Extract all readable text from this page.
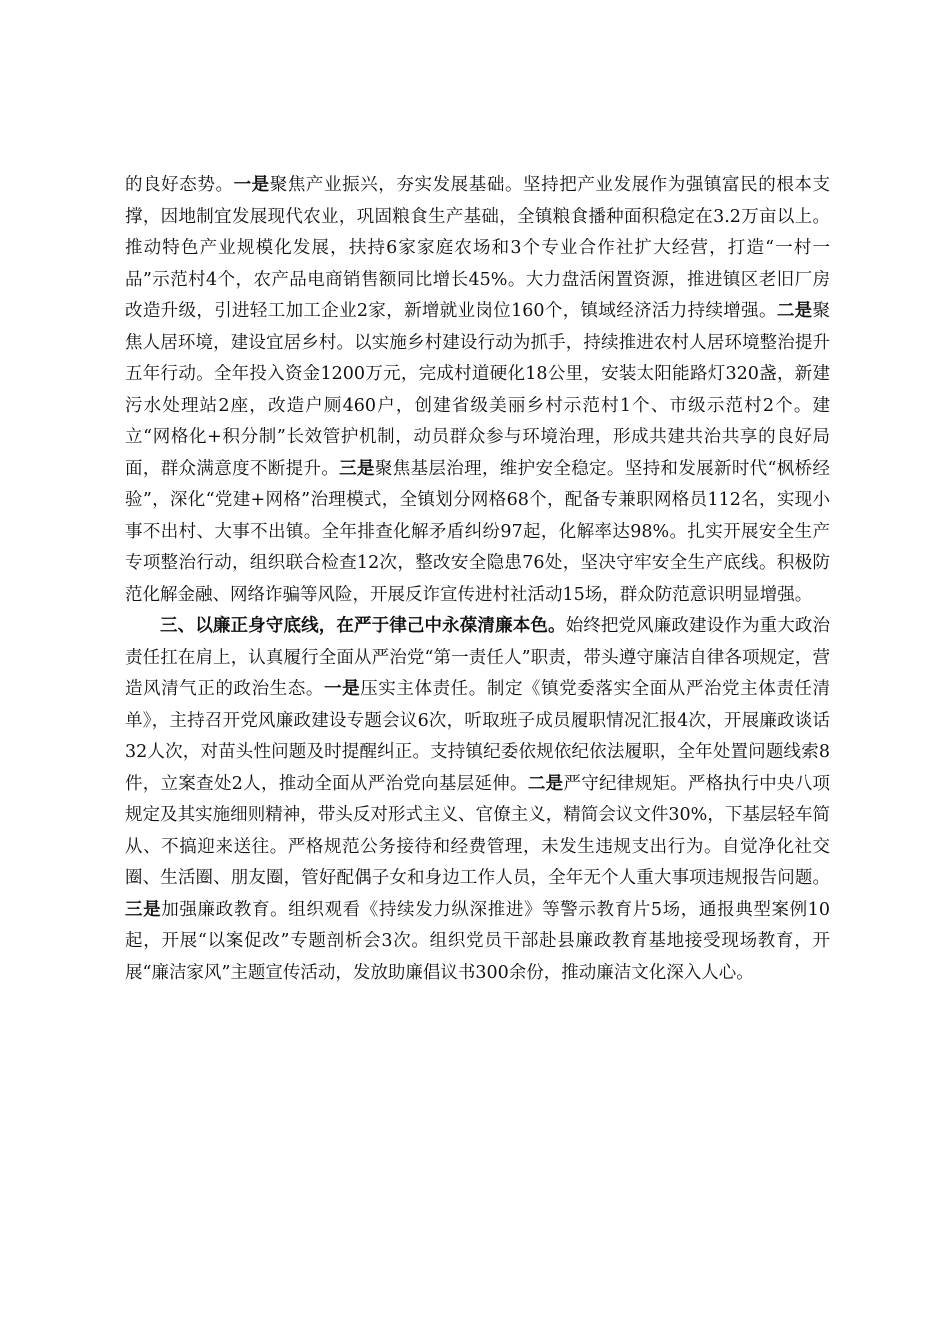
的良好态势。一是聚焦产业振兴，夯实发展基础。坚持把产业发展作为强镇富民的根本支撑，因地制宜发展现代农业，巩固粮食生产基础，全镇粮食播种面积稳定在3.2万亩以上。推动特色产业规模化发展，扶持6家家庭农场和3个专业合作社扩大经营，打造“一村一品”示范村4个，农产品电商销售额同比增长45%。大力盘活闲置资源，推进镇区老旧厂房改造升级，引进轻工加工企业2家，新增就业岗位160个，镇域经济活力持续增强。二是聚焦人居环境，建设宜居乡村。以实施乡村建设行动为抓手，持续推进农村人居环境整治提升五年行动。全年投入资金1200万元，完成村道硬化18公里，安装太阳能路灯320盏，新建污水处理站2座，改造户厕460户，创建省级美丽乡村示范村1个、市级示范村2个。建立“网格化+积分制”长效管护机制，动员群众参与环境治理，形成共建共治共享的良好局面，群众满意度不断提升。三是聚焦基层治理，维护安全稳定。坚持和发展新时代“枫桥经验”，深化“党建+网格”治理模式，全镇划分网格68个，配备专兼职网格员112名，实现小事不出村、大事不出镇。全年排查化解矛盾纠纷97起，化解率达98%。扎实开展安全生产专项整治行动，组织联合检查12次，整改安全隐患76处，坚决守牢安全生产底线。积极防范化解金融、网络诈骗等风险，开展反诈宣传进村社活动15场，群众防范意识明显增强。

三、以廉正身守底线，在严于律己中永葆清廉本色。始终把党风廉政建设作为重大政治责任扛在肩上，认真履行全面从严治党“第一责任人”职责，带头遵守廉洁自律各项规定，营造风清气正的政治生态。一是压实主体责任。制定《镇党委落实全面从严治党主体责任清单》，主持召开党风廉政建设专题会议6次，听取班子成员履职情况汇报4次，开展廉政谈话32人次，对苗头性问题及时提醒纠正。支持镇纪委依规依纪依法履职，全年处置问题线索8件，立案查处2人，推动全面从严治党向基层延伸。二是严守纪律规矩。严格执行中央八项规定及其实施细则精神，带头反对形式主义、官僚主义，精简会议文件30%，下基层轻车简从、不搞迎来送往。严格规范公务接待和经费管理，未发生违规支出行为。自觉净化社交圈、生活圈、朋友圈，管好配偶子女和身边工作人员，全年无个人重大事项违规报告问题。三是加强廉政教育。组织观看《持续发力纵深推进》等警示教育片5场，通报典型案例10起，开展“以案促改”专题剖析会3次。组织党员干部赴县廉政教育基地接受现场教育，开展“廉洁家风”主题宣传活动，发放助廉倡议书300余份，推动廉洁文化深入人心。
